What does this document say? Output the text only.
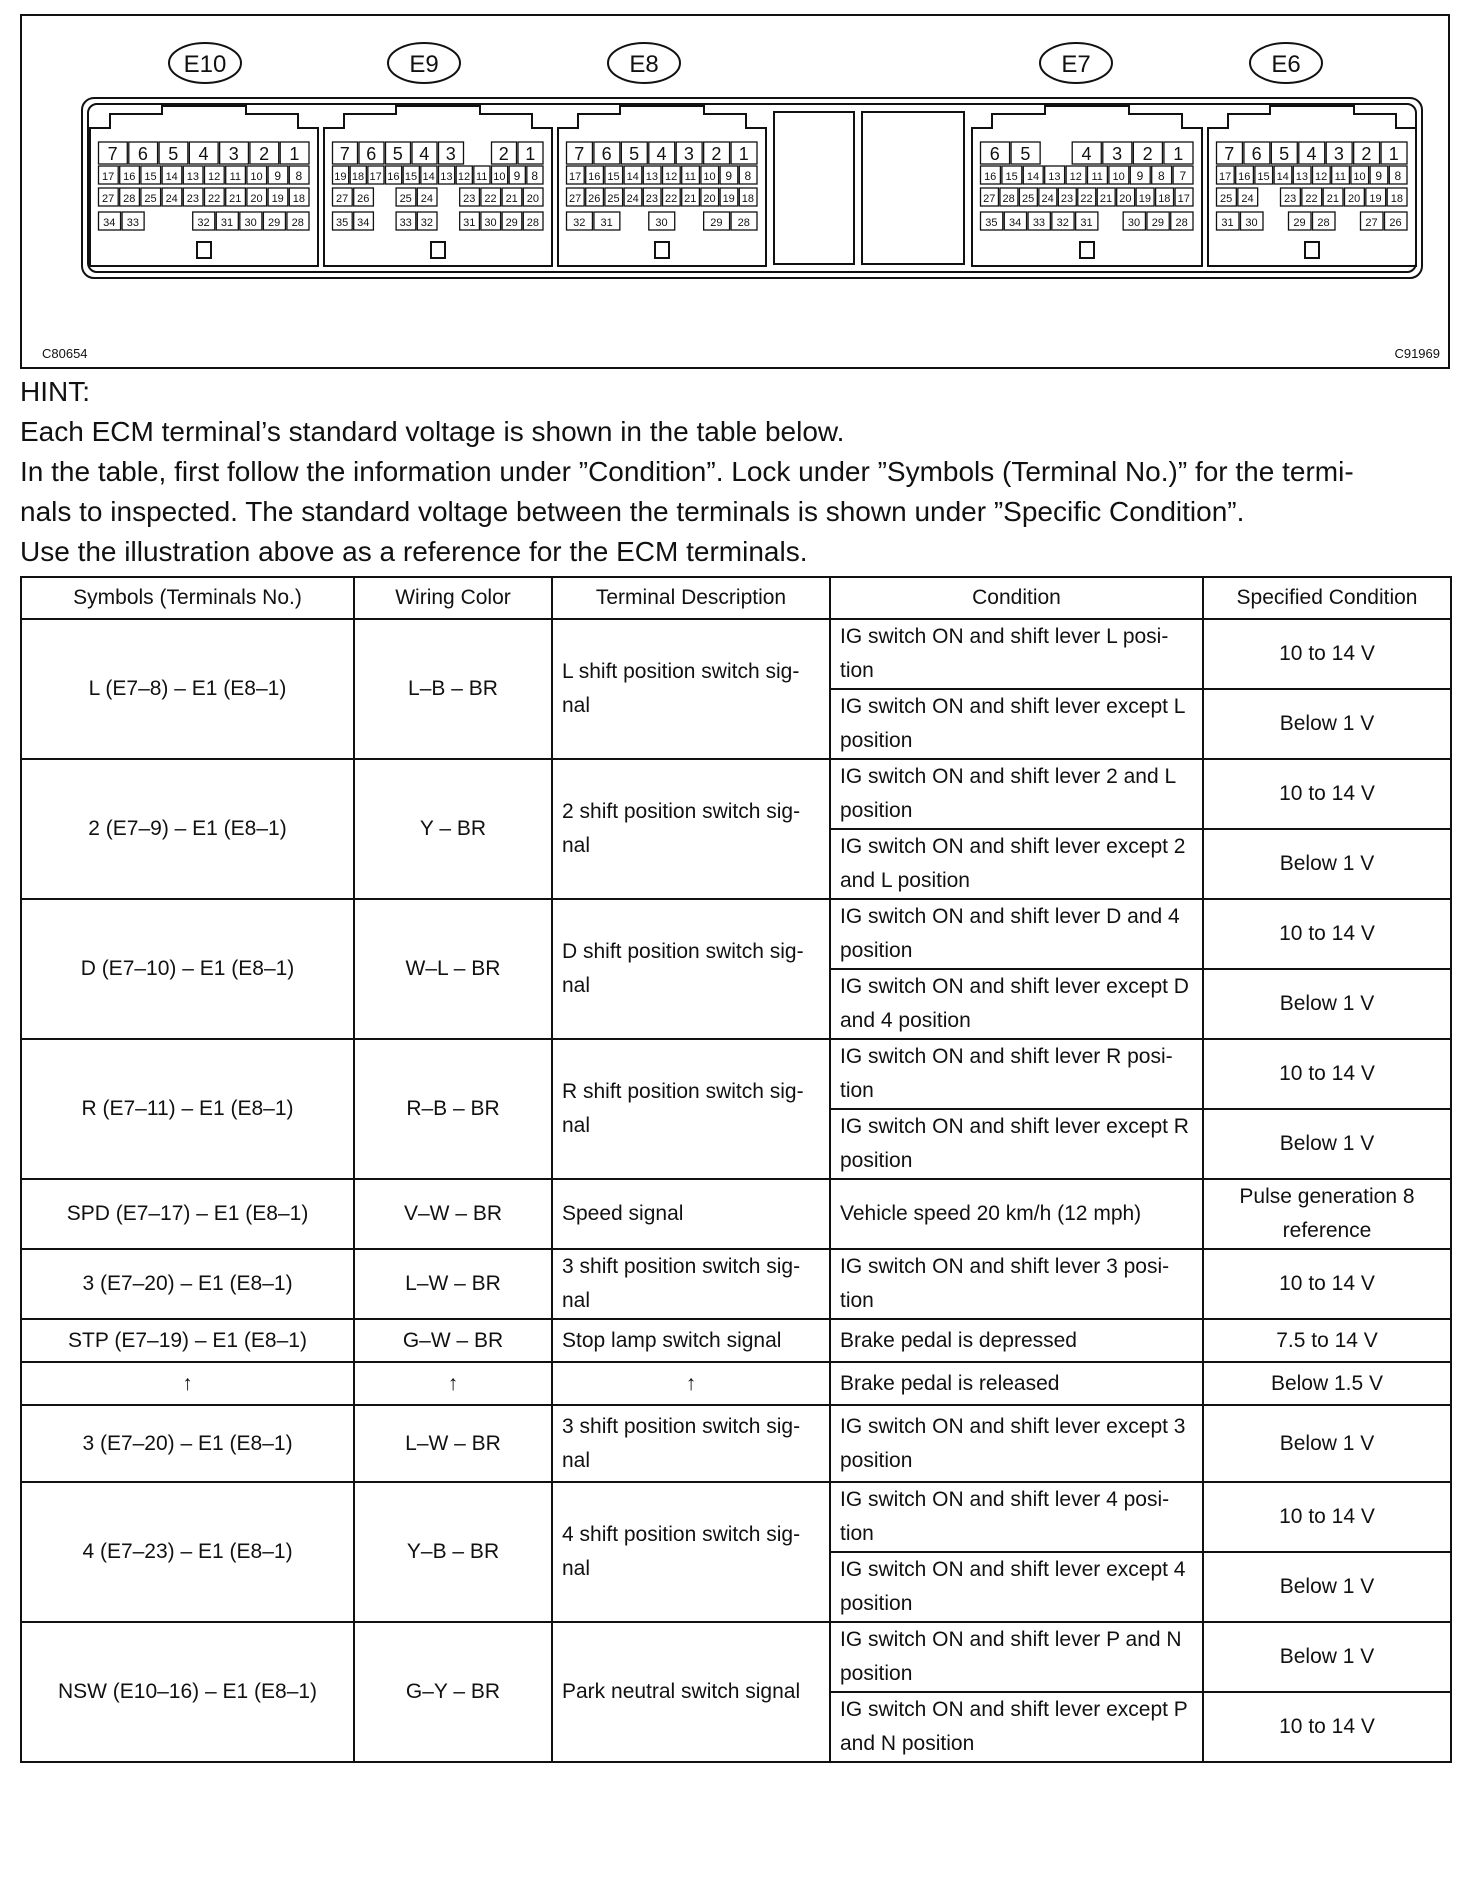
E10
7 6 5 4 3 2 1
17 16 15 14 13 12 11 10 9 8
27 28 25 24 23 22 21 20 19 18
34 33	32 31 30 29 28
E9
7 6 5 4 3 2 1
19 18 17 16 15 14 13 12 11 10 9 8
27 26	25 24	23 22 21 20
35 34	33 32	31 30 29 28
E8
7 6 5 4 3 2 1
17 16 15 14 13 12 11 10 9 8
27 26 25 24 23 22 21 20 19 18
32 31	30	29 28
E7
6 5	4 3 2 1
16 15 14 13 12 11 10 9 8 7
27 28 25 24 23 22 21 20 19 18 17
35 34 33 32 31	30 29 28
E6
7 6 5 4 3 2 1
17 16 15 14 13 12 11 10 9 8
25 24	23 22 21 20 19 18
31 30	29 28	27 26
C80654	C91969

HINT:

Each ECM terminal’s standard voltage is shown in the table below.

In the table, first follow the information under ”Condition”. Lock under ”Symbols (Terminal No.)” for the termi-

nals to inspected. The standard voltage between the terminals is shown under ”Specific Condition”.

Use the illustration above as a reference for the ECM terminals.

Symbols (Terminals No.)	Wiring Color	Terminal Description	Condition	Specified Condition
L (E7–8) – E1 (E8–1)	L–B – BR	L shift position switch sig-nal	IG switch ON and shift lever L posi-tion	10 to 14 V
			IG switch ON and shift lever except L position	Below 1 V
2 (E7–9) – E1 (E8–1)	Y – BR	2 shift position switch sig-nal	IG switch ON and shift lever 2 and L position	10 to 14 V
			IG switch ON and shift lever except 2 and L position	Below 1 V
D (E7–10) – E1 (E8–1)	W–L – BR	D shift position switch sig-nal	IG switch ON and shift lever D and 4 position	10 to 14 V
			IG switch ON and shift lever except D and 4 position	Below 1 V
R (E7–11) – E1 (E8–1)	R–B – BR	R shift position switch sig-nal	IG switch ON and shift lever R posi-tion	10 to 14 V
			IG switch ON and shift lever except R position	Below 1 V
SPD (E7–17) – E1 (E8–1)	V–W – BR	Speed signal	Vehicle speed 20 km/h (12 mph)	Pulse generation 8 reference
3 (E7–20) – E1 (E8–1)	L–W – BR	3 shift position switch sig-nal	IG switch ON and shift lever 3 posi-tion	10 to 14 V
STP (E7–19) – E1 (E8–1)	G–W – BR	Stop lamp switch signal	Brake pedal is depressed	7.5 to 14 V
↑	↑	↑	Brake pedal is released	Below 1.5 V
3 (E7–20) – E1 (E8–1)	L–W – BR	3 shift position switch sig-nal	IG switch ON and shift lever except 3 position	Below 1 V
4 (E7–23) – E1 (E8–1)	Y–B – BR	4 shift position switch sig-nal	IG switch ON and shift lever 4 posi-tion	10 to 14 V
			IG switch ON and shift lever except 4 position	Below 1 V
NSW (E10–16) – E1 (E8–1)	G–Y – BR	Park neutral switch signal	IG switch ON and shift lever P and N position	Below 1 V
			IG switch ON and shift lever except P and N position	10 to 14 V
